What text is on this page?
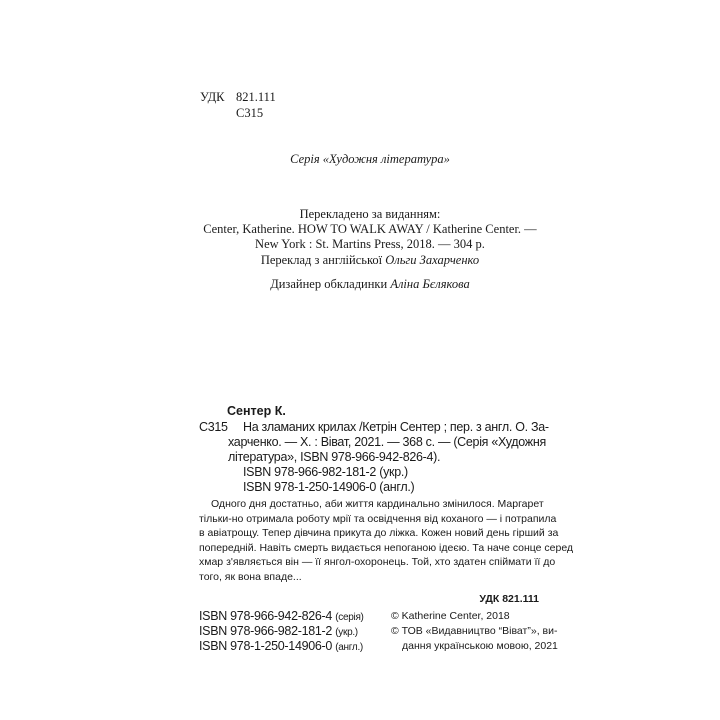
УДК 821.111
С315
Серія «Художня література»
Перекладено за виданням:
Center, Katherine. HOW TO WALK AWAY / Katherine Center. —
New York : St. Martins Press, 2018. — 304 р.
Переклад з англійської Ольги Захарченко
Дизайнер обкладинки Аліна Бєлякова
Сентер К.
С315 На зламаних крилах /Кетрін Сентер ; пер. з англ. О. За-
харченко. — Х. : Віват, 2021. — 368 с. — (Серія «Художня
література», ISBN 978-966-942-826-4).
ISBN 978-966-982-181-2 (укр.)
ISBN 978-1-250-14906-0 (англ.)
Одного дня достатньо, аби життя кардинально змінилося. Маргарет
тільки-но отримала роботу мрії та освідчення від коханого — і потрапила
в авіатрощу. Тепер дівчина прикута до ліжка. Кожен новий день гірший за
попередній. Навіть смерть видається непоганою ідеєю. Та наче сонце серед
хмар з'являється він — її янгол-охоронець. Той, хто здатен спіймати її до
того, як вона впаде...
УДК 821.111
ISBN 978-966-942-826-4 (серія)
ISBN 978-966-982-181-2 (укр.)
ISBN 978-1-250-14906-0 (англ.)
© Katherine Center, 2018
© ТОВ «Видавництво “Віват”», ви-
дання українською мовою, 2021
